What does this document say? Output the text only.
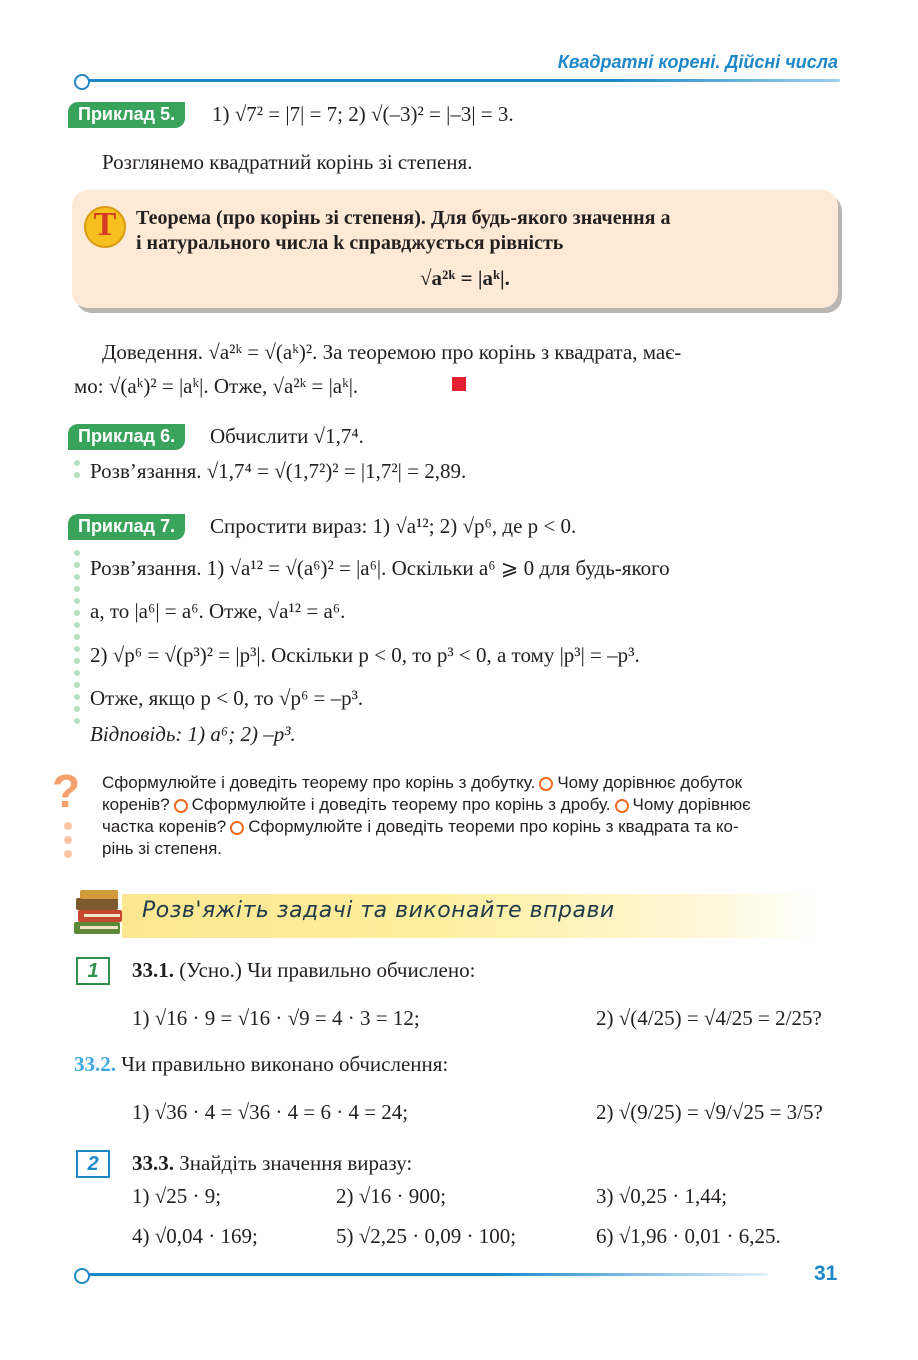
Квадратні корені. Дійсні числа
Приклад 5.	1) √7² = |7| = 7; 2) √(–3)² = |–3| = 3.
Розглянемо квадратний корінь зі степеня.
T Теорема (про корінь зі степеня). Для будь-якого значення a
і натурального числа k справджується рівність
√a²ᵏ = |aᵏ|.
Доведення. √a²ᵏ = √(aᵏ)². За теоремою про корінь з квадрата, має-
мо: √(aᵏ)² = |aᵏ|. Отже, √a²ᵏ = |aᵏ|.
Приклад 6.	Обчислити √1,7⁴.
Розв’язання. √1,7⁴ = √(1,7²)² = |1,7²| = 2,89.
Приклад 7.	Спростити вираз: 1) √a¹²; 2) √p⁶, де p < 0.
Розв’язання. 1) √a¹² = √(a⁶)² = |a⁶|. Оскільки a⁶ ⩾ 0 для будь-якого
a, то |a⁶| = a⁶. Отже, √a¹² = a⁶.
2) √p⁶ = √(p³)² = |p³|. Оскільки p < 0, то p³ < 0, а тому |p³| = –p³.
Отже, якщо p < 0, то √p⁶ = –p³.
Відповідь: 1) a⁶; 2) –p³.
? Сформулюйте і доведіть теорему про корінь з добутку. Чому дорівнює добуток
коренів? Сформулюйте і доведіть теорему про корінь з дробу. Чому дорівнює
частка коренів? Сформулюйте і доведіть теореми про корінь з квадрата та ко-
рінь зі степеня.
Розв'яжіть задачі та виконайте вправи
1	33.1. (Усно.) Чи правильно обчислено:
1) √16 · 9 = √16 · √9 = 4 · 3 = 12;	2) √(4/25) = √4/25 = 2/25?
33.2. Чи правильно виконано обчислення:
1) √36 · 4 = √36 · 4 = 6 · 4 = 24;	2) √(9/25) = √9/√25 = 3/5?
2	33.3. Знайдіть значення виразу:
1) √25 · 9;	2) √16 · 900;	3) √0,25 · 1,44;
4) √0,04 · 169;	5) √2,25 · 0,09 · 100;	6) √1,96 · 0,01 · 6,25.
31
